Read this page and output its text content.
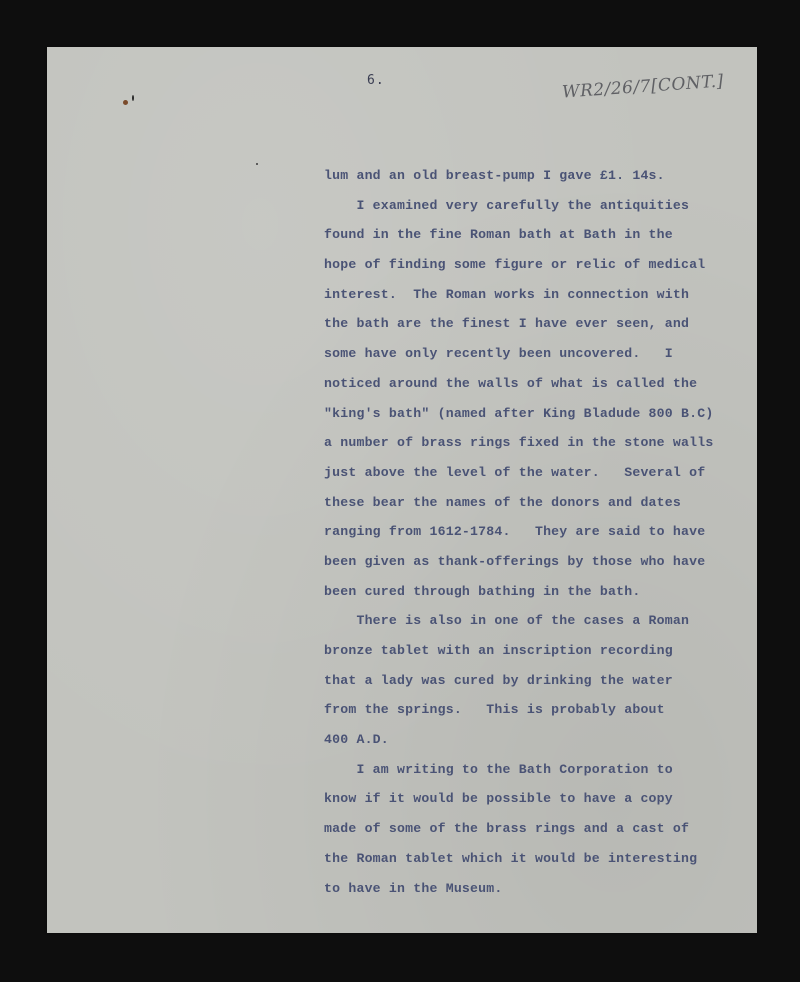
6.	WR2/26/7[CONT.]
lum and an old breast-pump I gave £1. 14s.
I examined very carefully the antiquities
found in the fine Roman bath at Bath in the
hope of finding some figure or relic of medical
interest.  The Roman works in connection with
the bath are the finest I have ever seen, and
some have only recently been uncovered.   I
noticed around the walls of what is called the
"king's bath" (named after King Bladude 800 B.C)
a number of brass rings fixed in the stone walls
just above the level of the water.   Several of
these bear the names of the donors and dates
ranging from 1612-1784.   They are said to have
been given as thank-offerings by those who have
been cured through bathing in the bath.
There is also in one of the cases a Roman
bronze tablet with an inscription recording
that a lady was cured by drinking the water
from the springs.   This is probably about
400 A.D.
I am writing to the Bath Corporation to
know if it would be possible to have a copy
made of some of the brass rings and a cast of
the Roman tablet which it would be interesting
to have in the Museum.
